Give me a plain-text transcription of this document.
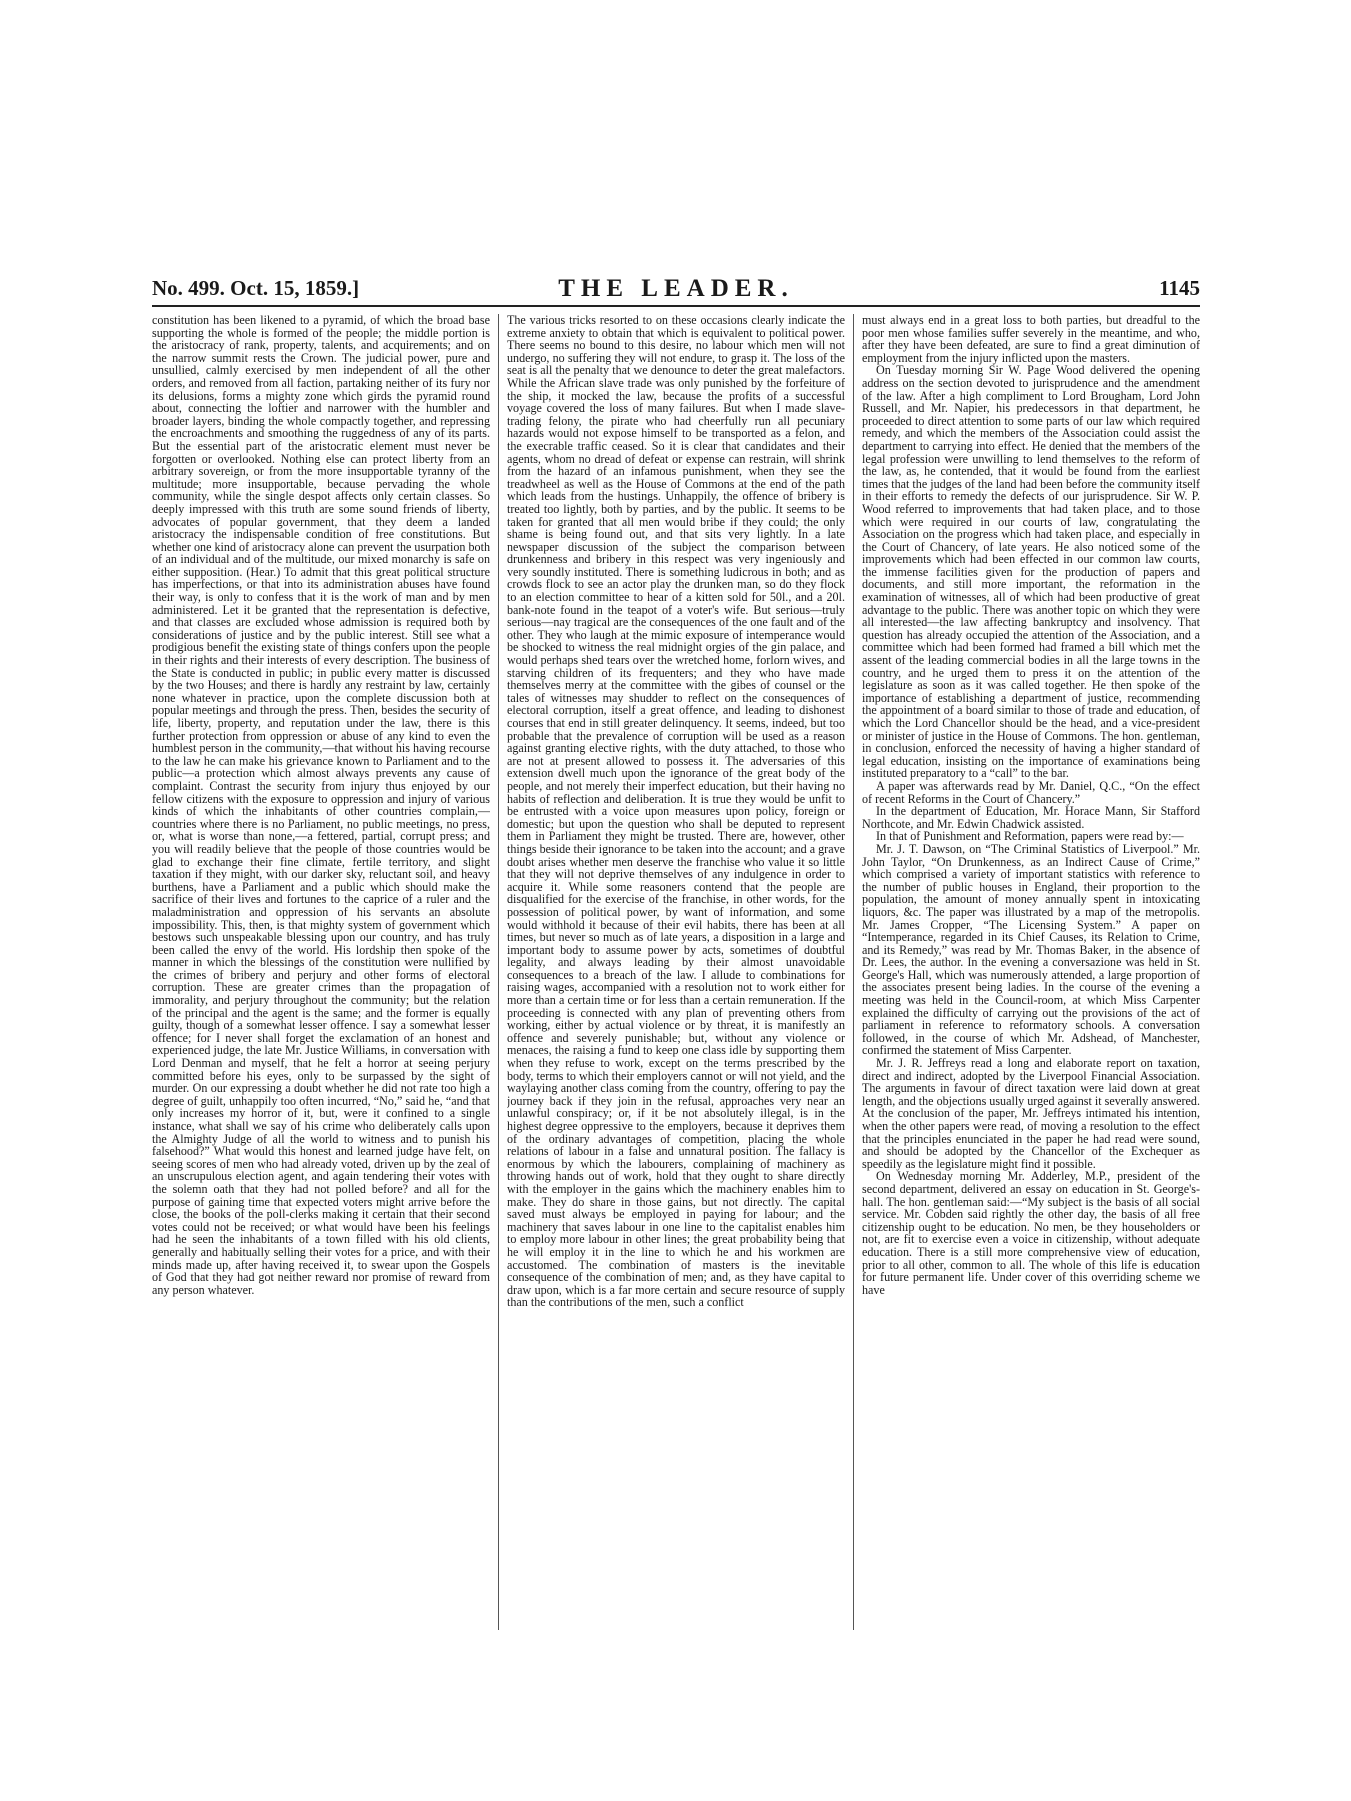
No. 499. Oct. 15, 1859.]	THE LEADER.	1145

constitution has been likened to a pyramid, of which the broad base supporting the whole is formed of the people; the middle portion is the aristocracy of rank, property, talents, and acquirements; and on the narrow summit rests the Crown. The judicial power, pure and unsullied, calmly exercised by men independent of all the other orders, and removed from all faction, partaking neither of its fury nor its delusions, forms a mighty zone which girds the pyramid round about, connecting the loftier and narrower with the humbler and broader layers, binding the whole compactly together, and repressing the encroachments and smoothing the ruggedness of any of its parts. But the essential part of the aristocratic element must never be forgotten or overlooked. Nothing else can protect liberty from an arbitrary sovereign, or from the more insupportable tyranny of the multitude; more insupportable, because pervading the whole community, while the single despot affects only certain classes. So deeply impressed with this truth are some sound friends of liberty, advocates of popular government, that they deem a landed aristocracy the indispensable condition of free constitutions. But whether one kind of aristocracy alone can prevent the usurpation both of an individual and of the multitude, our mixed monarchy is safe on either supposition. (Hear.) To admit that this great political structure has imperfections, or that into its administration abuses have found their way, is only to confess that it is the work of man and by men administered. Let it be granted that the representation is defective, and that classes are excluded whose admission is required both by considerations of justice and by the public interest. Still see what a prodigious benefit the existing state of things confers upon the people in their rights and their interests of every description. The business of the State is conducted in public; in public every matter is discussed by the two Houses; and there is hardly any restraint by law, certainly none whatever in practice, upon the complete discussion both at popular meetings and through the press. Then, besides the security of life, liberty, property, and reputation under the law, there is this further protection from oppression or abuse of any kind to even the humblest person in the community,—that without his having recourse to the law he can make his grievance known to Parliament and to the public—a protection which almost always prevents any cause of complaint. Contrast the security from injury thus enjoyed by our fellow citizens with the exposure to oppression and injury of various kinds of which the inhabitants of other countries complain,—countries where there is no Parliament, no public meetings, no press, or, what is worse than none,—a fettered, partial, corrupt press; and you will readily believe that the people of those countries would be glad to exchange their fine climate, fertile territory, and slight taxation if they might, with our darker sky, reluctant soil, and heavy burthens, have a Parliament and a public which should make the sacrifice of their lives and fortunes to the caprice of a ruler and the maladministration and oppression of his servants an absolute impossibility. This, then, is that mighty system of government which bestows such unspeakable blessing upon our country, and has truly been called the envy of the world. His lordship then spoke of the manner in which the blessings of the constitution were nullified by the crimes of bribery and perjury and other forms of electoral corruption. These are greater crimes than the propagation of immorality, and perjury throughout the community; but the relation of the principal and the agent is the same; and the former is equally guilty, though of a somewhat lesser offence. I say a somewhat lesser offence; for I never shall forget the exclamation of an honest and experienced judge, the late Mr. Justice Williams, in conversation with Lord Denman and myself, that he felt a horror at seeing perjury committed before his eyes, only to be surpassed by the sight of murder. On our expressing a doubt whether he did not rate too high a degree of guilt, unhappily too often incurred, “No,” said he, “and that only increases my horror of it, but, were it confined to a single instance, what shall we say of his crime who deliberately calls upon the Almighty Judge of all the world to witness and to punish his falsehood?” What would this honest and learned judge have felt, on seeing scores of men who had already voted, driven up by the zeal of an unscrupulous election agent, and again tendering their votes with the solemn oath that they had not polled before? and all for the purpose of gaining time that expected voters might arrive before the close, the books of the poll-clerks making it certain that their second votes could not be received; or what would have been his feelings had he seen the inhabitants of a town filled with his old clients, generally and habitually selling their votes for a price, and with their minds made up, after having received it, to swear upon the Gospels of God that they had got neither reward nor promise of reward from any person whatever.

The various tricks resorted to on these occasions clearly indicate the extreme anxiety to obtain that which is equivalent to political power. There seems no bound to this desire, no labour which men will not undergo, no suffering they will not endure, to grasp it. The loss of the seat is all the penalty that we denounce to deter the great malefactors. While the African slave trade was only punished by the forfeiture of the ship, it mocked the law, because the profits of a successful voyage covered the loss of many failures. But when I made slave-trading felony, the pirate who had cheerfully run all pecuniary hazards would not expose himself to be transported as a felon, and the execrable traffic ceased. So it is clear that candidates and their agents, whom no dread of defeat or expense can restrain, will shrink from the hazard of an infamous punishment, when they see the treadwheel as well as the House of Commons at the end of the path which leads from the hustings. Unhappily, the offence of bribery is treated too lightly, both by parties, and by the public. It seems to be taken for granted that all men would bribe if they could; the only shame is being found out, and that sits very lightly. In a late newspaper discussion of the subject the comparison between drunkenness and bribery in this respect was very ingeniously and very soundly instituted. There is something ludicrous in both; and as crowds flock to see an actor play the drunken man, so do they flock to an election committee to hear of a kitten sold for 50l., and a 20l. bank-note found in the teapot of a voter's wife. But serious—truly serious—nay tragical are the consequences of the one fault and of the other. They who laugh at the mimic exposure of intemperance would be shocked to witness the real midnight orgies of the gin palace, and would perhaps shed tears over the wretched home, forlorn wives, and starving children of its frequenters; and they who have made themselves merry at the committee with the gibes of counsel or the tales of witnesses may shudder to reflect on the consequences of electoral corruption, itself a great offence, and leading to dishonest courses that end in still greater delinquency. It seems, indeed, but too probable that the prevalence of corruption will be used as a reason against granting elective rights, with the duty attached, to those who are not at present allowed to possess it. The adversaries of this extension dwell much upon the ignorance of the great body of the people, and not merely their imperfect education, but their having no habits of reflection and deliberation. It is true they would be unfit to be entrusted with a voice upon measures upon policy, foreign or domestic; but upon the question who shall be deputed to represent them in Parliament they might be trusted. There are, however, other things beside their ignorance to be taken into the account; and a grave doubt arises whether men deserve the franchise who value it so little that they will not deprive themselves of any indulgence in order to acquire it. While some reasoners contend that the people are disqualified for the exercise of the franchise, in other words, for the possession of political power, by want of information, and some would withhold it because of their evil habits, there has been at all times, but never so much as of late years, a disposition in a large and important body to assume power by acts, sometimes of doubtful legality, and always leading by their almost unavoidable consequences to a breach of the law. I allude to combinations for raising wages, accompanied with a resolution not to work either for more than a certain time or for less than a certain remuneration. If the proceeding is connected with any plan of preventing others from working, either by actual violence or by threat, it is manifestly an offence and severely punishable; but, without any violence or menaces, the raising a fund to keep one class idle by supporting them when they refuse to work, except on the terms prescribed by the body, terms to which their employers cannot or will not yield, and the waylaying another class coming from the country, offering to pay the journey back if they join in the refusal, approaches very near an unlawful conspiracy; or, if it be not absolutely illegal, is in the highest degree oppressive to the employers, because it deprives them of the ordinary advantages of competition, placing the whole relations of labour in a false and unnatural position. The fallacy is enormous by which the labourers, complaining of machinery as throwing hands out of work, hold that they ought to share directly with the employer in the gains which the machinery enables him to make. They do share in those gains, but not directly. The capital saved must always be employed in paying for labour; and the machinery that saves labour in one line to the capitalist enables him to employ more labour in other lines; the great probability being that he will employ it in the line to which he and his workmen are accustomed. The combination of masters is the inevitable consequence of the combination of men; and, as they have capital to draw upon, which is a far more certain and secure resource of supply than the contributions of the men, such a conflict

must always end in a great loss to both parties, but dreadful to the poor men whose families suffer severely in the meantime, and who, after they have been defeated, are sure to find a great diminution of employment from the injury inflicted upon the masters.

On Tuesday morning Sir W. Page Wood delivered the opening address on the section devoted to jurisprudence and the amendment of the law. After a high compliment to Lord Brougham, Lord John Russell, and Mr. Napier, his predecessors in that department, he proceeded to direct attention to some parts of our law which required remedy, and which the members of the Association could assist the department to carrying into effect. He denied that the members of the legal profession were unwilling to lend themselves to the reform of the law, as, he contended, that it would be found from the earliest times that the judges of the land had been before the community itself in their efforts to remedy the defects of our jurisprudence. Sir W. P. Wood referred to improvements that had taken place, and to those which were required in our courts of law, congratulating the Association on the progress which had taken place, and especially in the Court of Chancery, of late years. He also noticed some of the improvements which had been effected in our common law courts, the immense facilities given for the production of papers and documents, and still more important, the reformation in the examination of witnesses, all of which had been productive of great advantage to the public. There was another topic on which they were all interested—the law affecting bankruptcy and insolvency. That question has already occupied the attention of the Association, and a committee which had been formed had framed a bill which met the assent of the leading commercial bodies in all the large towns in the country, and he urged them to press it on the attention of the legislature as soon as it was called together. He then spoke of the importance of establishing a department of justice, recommending the appointment of a board similar to those of trade and education, of which the Lord Chancellor should be the head, and a vice-president or minister of justice in the House of Commons. The hon. gentleman, in conclusion, enforced the necessity of having a higher standard of legal education, insisting on the importance of examinations being instituted preparatory to a “call” to the bar.

A paper was afterwards read by Mr. Daniel, Q.C., “On the effect of recent Reforms in the Court of Chancery.”

In the department of Education, Mr. Horace Mann, Sir Stafford Northcote, and Mr. Edwin Chadwick assisted.

In that of Punishment and Reformation, papers were read by:—

Mr. J. T. Dawson, on “The Criminal Statistics of Liverpool.” Mr. John Taylor, “On Drunkenness, as an Indirect Cause of Crime,” which comprised a variety of important statistics with reference to the number of public houses in England, their proportion to the population, the amount of money annually spent in intoxicating liquors, &c. The paper was illustrated by a map of the metropolis. Mr. James Cropper, “The Licensing System.” A paper on “Intemperance, regarded in its Chief Causes, its Relation to Crime, and its Remedy,” was read by Mr. Thomas Baker, in the absence of Dr. Lees, the author. In the evening a conversazione was held in St. George's Hall, which was numerously attended, a large proportion of the associates present being ladies. In the course of the evening a meeting was held in the Council-room, at which Miss Carpenter explained the difficulty of carrying out the provisions of the act of parliament in reference to reformatory schools. A conversation followed, in the course of which Mr. Adshead, of Manchester, confirmed the statement of Miss Carpenter.

Mr. J. R. Jeffreys read a long and elaborate report on taxation, direct and indirect, adopted by the Liverpool Financial Association. The arguments in favour of direct taxation were laid down at great length, and the objections usually urged against it severally answered. At the conclusion of the paper, Mr. Jeffreys intimated his intention, when the other papers were read, of moving a resolution to the effect that the principles enunciated in the paper he had read were sound, and should be adopted by the Chancellor of the Exchequer as speedily as the legislature might find it possible.

On Wednesday morning Mr. Adderley, M.P., president of the second department, delivered an essay on education in St. George's-hall. The hon. gentleman said:—“My subject is the basis of all social service. Mr. Cobden said rightly the other day, the basis of all free citizenship ought to be education. No men, be they householders or not, are fit to exercise even a voice in citizenship, without adequate education. There is a still more comprehensive view of education, prior to all other, common to all. The whole of this life is education for future permanent life. Under cover of this overriding scheme we have
